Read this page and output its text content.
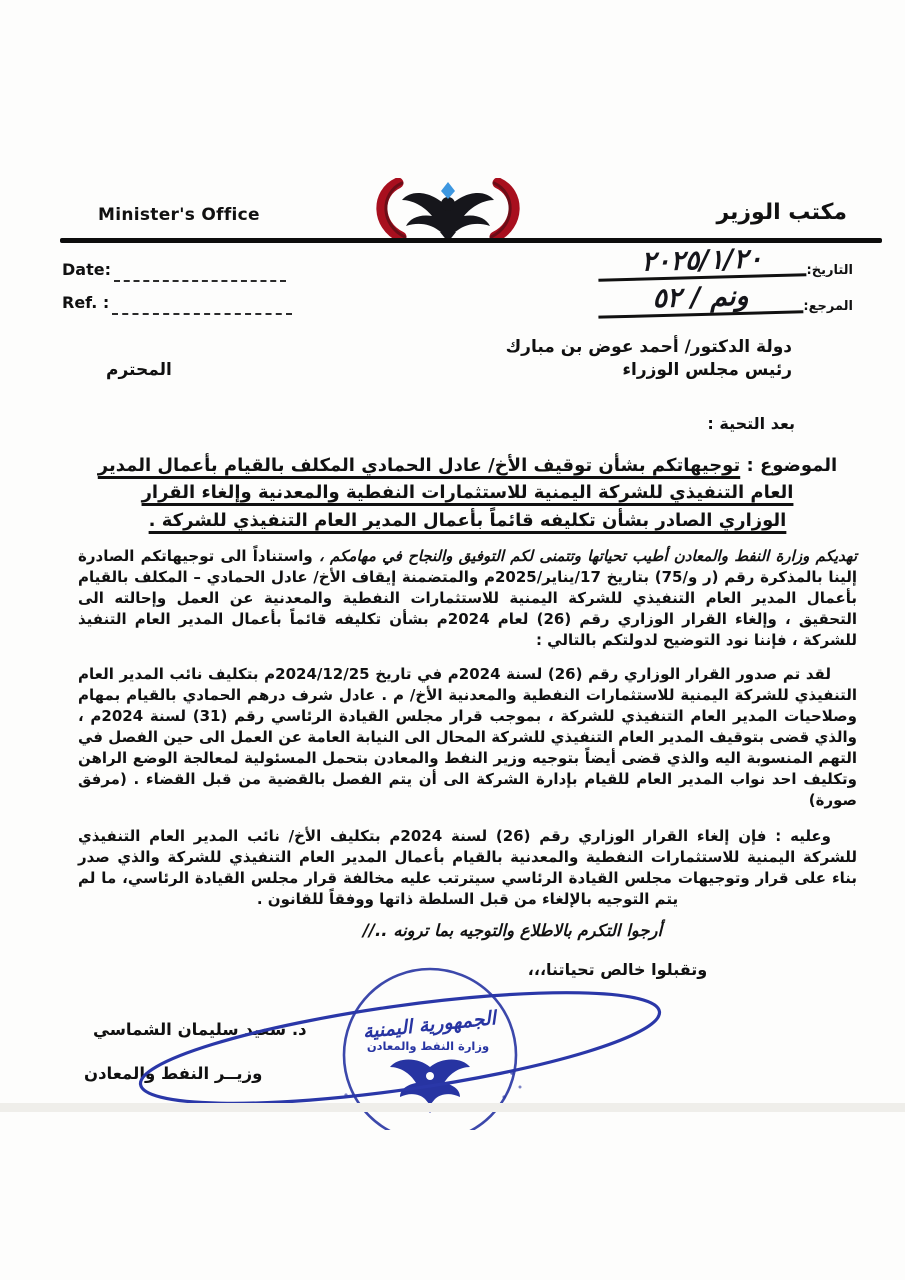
Minister's Office	مكتب الوزير
Date:
Ref. :
التاريخ:
٢٠٢٥/١/٢٠
المرجع:
ونم / ٥٢
دولة الدكتور/ أحمد عوض بن مبارك
رئيس مجلس الوزراء
المحترم
بعد التحية :
الموضوع : توجيهاتكم بشأن توقيف الأخ/ عادل الحمادي المكلف بالقيام بأعمال المدير
العام التنفيذي للشركة اليمنية للاستثمارات النفطية والمعدنية وإلغاء القرار
الوزاري الصادر بشأن تكليفه قائماً بأعمال المدير العام التنفيذي للشركة .

تهديكم وزارة النفط والمعادن أطيب تحياتها وتتمنى لكم التوفيق والنجاح في مهامكم ، واستناداً الى توجيهاتكم الصادرة إلينا بالمذكرة رقم (ر و/75) بتاريخ 17/يناير/2025م والمتضمنة إيقاف الأخ/ عادل الحمادي – المكلف بالقيام بأعمال المدير العام التنفيذي للشركة اليمنية للاستثمارات النفطية والمعدنية عن العمل وإحالته الى التحقيق ، وإلغاء القرار الوزاري رقم (26) لعام 2024م بشأن تكليفه قائماً بأعمال المدير العام التنفيذ للشركة ، فإننا نود التوضيح لدولتكم بالتالي :

لقد تم صدور القرار الوزاري رقم (26) لسنة 2024م في تاريخ 2024/12/25م بتكليف نائب المدير العام التنفيذي للشركة اليمنية للاستثمارات النفطية والمعدنية الأخ/ م . عادل شرف درهم الحمادي بالقيام بمهام وصلاحيات المدير العام التنفيذي للشركة ، بموجب قرار مجلس القيادة الرئاسي رقم (31) لسنة 2024م ، والذي قضى بتوقيف المدير العام التنفيذي للشركة المحال الى النيابة العامة عن العمل الى حين الفصل في التهم المنسوبة اليه والذي قضى أيضاً بتوجيه وزير النفط والمعادن بتحمل المسئولية لمعالجة الوضع الراهن وتكليف احد نواب المدير العام للقيام بإدارة الشركة الى أن يتم الفصل بالقضية من قبل القضاء . (مرفق صورة)

وعليه : فإن إلغاء القرار الوزاري رقم (26) لسنة 2024م بتكليف الأخ/ نائب المدير العام التنفيذي للشركة اليمنية للاستثمارات النفطية والمعدنية بالقيام بأعمال المدير العام التنفيذي للشركة والذي صدر بناء على قرار وتوجيهات مجلس القيادة الرئاسي سيترتب عليه مخالفة قرار مجلس القيادة الرئاسي، ما لم يتم التوجيه بالإلغاء من قبل السلطة ذاتها ووفقاً للقانون .

أرجوا التكرم بالاطلاع والتوجيه بما ترونه ..//
وتقبلوا خالص تحياتنا،،،
د. سعيد سليمان الشماسي
وزيــر النفط والمعادن
الجمهورية اليمنية
وزارة النفط والمعادن
